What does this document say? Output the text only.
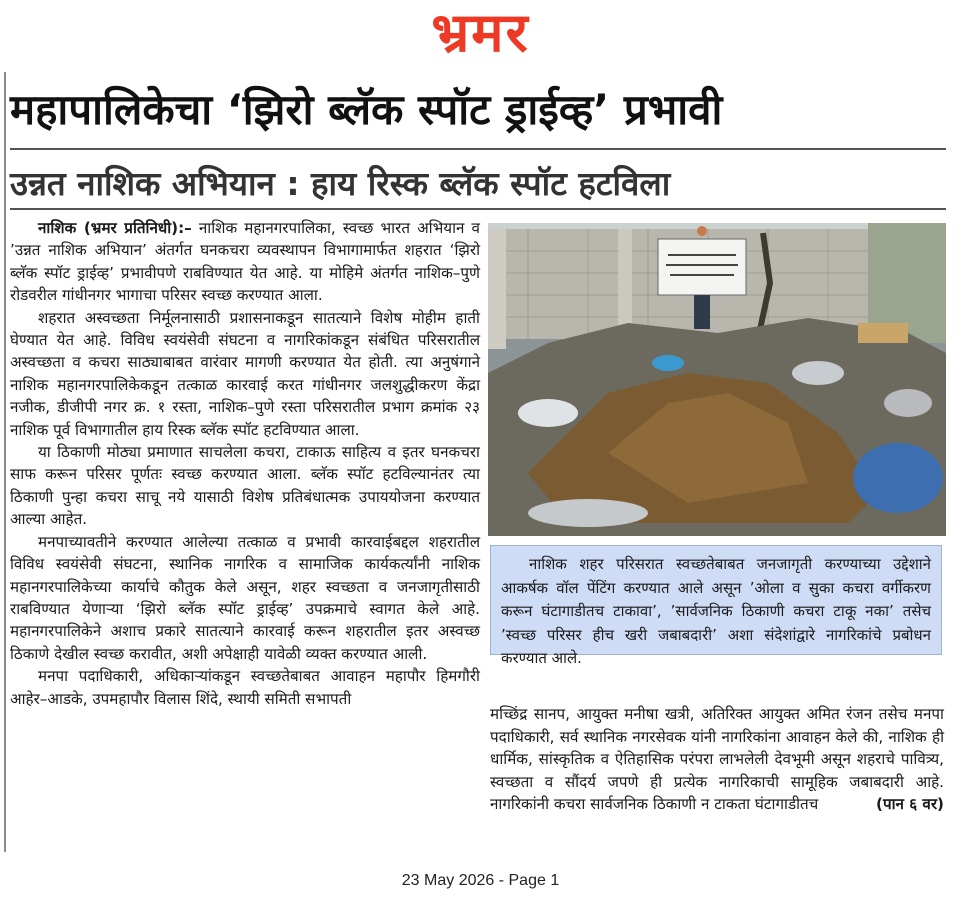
भ्रमर
महापालिकेचा ‘झिरो ब्लॅक स्पॉट ड्राईव्ह’ प्रभावी
उन्नत नाशिक अभियान : हाय रिस्क ब्लॅक स्पॉट हटविला

नाशिक (भ्रमर प्रतिनिधी):– नाशिक महानगरपालिका, स्वच्छ भारत अभियान व ’उन्नत नाशिक अभियान’ अंतर्गत घनकचरा व्यवस्थापन विभागामार्फत शहरात ‘झिरो ब्लॅक स्पॉट ड्राईव्ह’ प्रभावीपणे राबविण्यात येत आहे. या मोहिमे अंतर्गत नाशिक–पुणे रोडवरील गांधीनगर भागाचा परिसर स्वच्छ करण्यात आला.

शहरात अस्वच्छता निर्मूलनासाठी प्रशासनाकडून सातत्याने विशेष मोहीम हाती घेण्यात येत आहे. विविध स्वयंसेवी संघटना व नागरिकांकडून संबंधित परिसरातील अस्वच्छता व कचरा साठ्याबाबत वारंवार मागणी करण्यात येत होती. त्या अनुषंगाने नाशिक महानगरपालिकेकडून तत्काळ कारवाई करत गांधीनगर जलशुद्धीकरण केंद्रा नजीक, डीजीपी नगर क्र. १ रस्ता, नाशिक–पुणे रस्ता परिसरातील प्रभाग क्रमांक २३ नाशिक पूर्व विभागातील हाय रिस्क ब्लॅक स्पॉट हटविण्यात आला.

या ठिकाणी मोठ्या प्रमाणात साचलेला कचरा, टाकाऊ साहित्य व इतर घनकचरा साफ करून परिसर पूर्णतः स्वच्छ करण्यात आला. ब्लॅक स्पॉट हटविल्यानंतर त्या ठिकाणी पुन्हा कचरा साचू नये यासाठी विशेष प्रतिबंधात्मक उपाययोजना करण्यात आल्या आहेत.

मनपाच्यावतीने करण्यात आलेल्या तत्काळ व प्रभावी कारवाईबद्दल शहरातील विविध स्वयंसेवी संघटना, स्थानिक नागरिक व सामाजिक कार्यकर्त्यांनी नाशिक महानगरपालिकेच्या कार्याचे कौतुक केले असून, शहर स्वच्छता व जनजागृतीसाठी राबविण्यात येणाऱ्या ‘झिरो ब्लॅक स्पॉट ड्राईव्ह’ उपक्रमाचे स्वागत केले आहे. महानगरपालिकेने अशाच प्रकारे सातत्याने कारवाई करून शहरातील इतर अस्वच्छ ठिकाणे देखील स्वच्छ करावीत, अशी अपेक्षाही यावेळी व्यक्त करण्यात आली.

मनपा पदाधिकारी, अधिकाऱ्यांकडून स्वच्छतेबाबत आवाहन महापौर हिमगौरी आहेर–आडके, उपमहापौर विलास शिंदे, स्थायी समिती सभापती

नाशिक शहर परिसरात स्वच्छतेबाबत जनजागृती करण्याच्या उद्देशाने आकर्षक वॉल पेंटिंग करण्यात आले असून ’ओला व सुका कचरा वर्गीकरण करून घंटागाडीतच टाकावा’, ’सार्वजनिक ठिकाणी कचरा टाकू नका’ तसेच ’स्वच्छ परिसर हीच खरी जबाबदारी’ अशा संदेशांद्वारे नागरिकांचे प्रबोधन करण्यात आले.
मच्छिंद्र सानप, आयुक्त मनीषा खत्री, अतिरिक्त आयुक्त अमित रंजन तसेच मनपा पदाधिकारी, सर्व स्थानिक नगरसेवक यांनी नागरिकांना आवाहन केले की, नाशिक ही धार्मिक, सांस्कृतिक व ऐतिहासिक परंपरा लाभलेली देवभूमी असून शहराचे पावित्र्य, स्वच्छता व सौंदर्य जपणे ही प्रत्येक नागरिकाची सामूहिक जबाबदारी आहे. नागरिकांनी कचरा सार्वजनिक ठिकाणी न टाकता घंटागाडीतच	(पान ६ वर)
23 May 2026 - Page 1
